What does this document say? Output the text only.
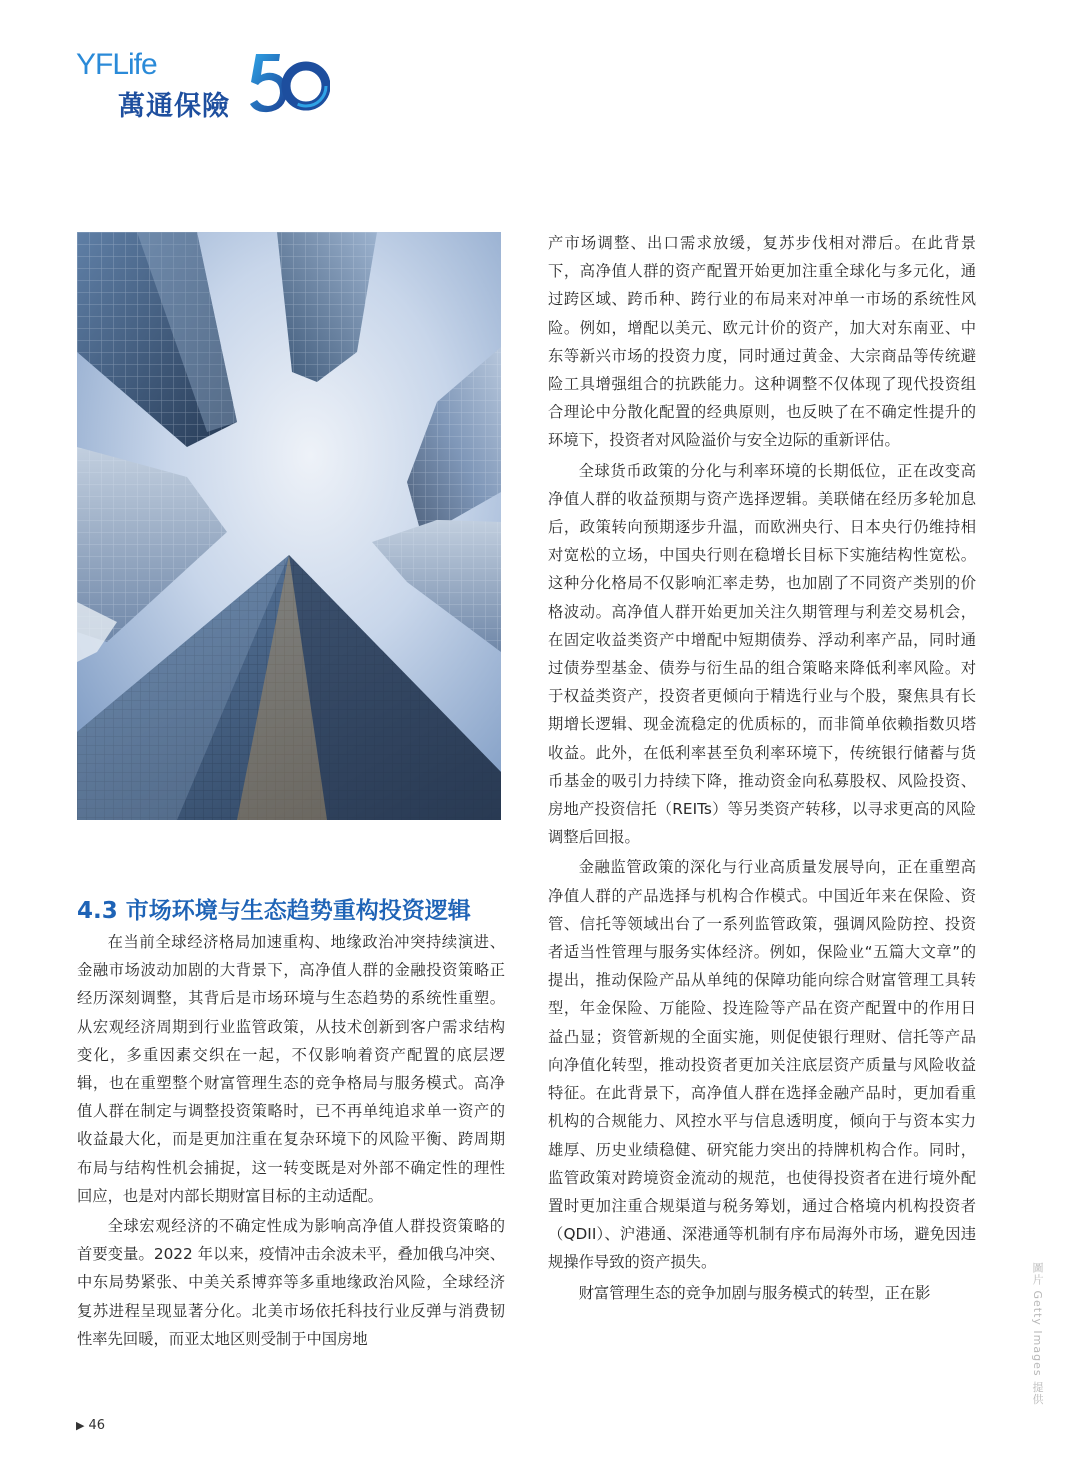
YFLife
萬通保險
4.3 市场环境与生态趋势重构投资逻辑

在当前全球经济格局加速重构、地缘政治冲突持续演进、金融市场波动加剧的大背景下，高净值人群的金融投资策略正经历深刻调整，其背后是市场环境与生态趋势的系统性重塑。从宏观经济周期到行业监管政策，从技术创新到客户需求结构变化，多重因素交织在一起，不仅影响着资产配置的底层逻辑，也在重塑整个财富管理生态的竞争格局与服务模式。高净值人群在制定与调整投资策略时，已不再单纯追求单一资产的收益最大化，而是更加注重在复杂环境下的风险平衡、跨周期布局与结构性机会捕捉，这一转变既是对外部不确定性的理性回应，也是对内部长期财富目标的主动适配。

全球宏观经济的不确定性成为影响高净值人群投资策略的首要变量。2022 年以来，疫情冲击余波未平，叠加俄乌冲突、中东局势紧张、中美关系博弈等多重地缘政治风险，全球经济复苏进程呈现显著分化。北美市场依托科技行业反弹与消费韧性率先回暖，而亚太地区则受制于中国房地

产市场调整、出口需求放缓，复苏步伐相对滞后。在此背景下，高净值人群的资产配置开始更加注重全球化与多元化，通过跨区域、跨币种、跨行业的布局来对冲单一市场的系统性风险。例如，增配以美元、欧元计价的资产，加大对东南亚、中东等新兴市场的投资力度，同时通过黄金、大宗商品等传统避险工具增强组合的抗跌能力。这种调整不仅体现了现代投资组合理论中分散化配置的经典原则，也反映了在不确定性提升的环境下，投资者对风险溢价与安全边际的重新评估。

全球货币政策的分化与利率环境的长期低位，正在改变高净值人群的收益预期与资产选择逻辑。美联储在经历多轮加息后，政策转向预期逐步升温，而欧洲央行、日本央行仍维持相对宽松的立场，中国央行则在稳增长目标下实施结构性宽松。这种分化格局不仅影响汇率走势，也加剧了不同资产类别的价格波动。高净值人群开始更加关注久期管理与利差交易机会，在固定收益类资产中增配中短期债券、浮动利率产品，同时通过债券型基金、债券与衍生品的组合策略来降低利率风险。对于权益类资产，投资者更倾向于精选行业与个股，聚焦具有长期增长逻辑、现金流稳定的优质标的，而非简单依赖指数贝塔收益。此外，在低利率甚至负利率环境下，传统银行储蓄与货币基金的吸引力持续下降，推动资金向私募股权、风险投资、房地产投资信托（REITs）等另类资产转移，以寻求更高的风险调整后回报。

金融监管政策的深化与行业高质量发展导向，正在重塑高净值人群的产品选择与机构合作模式。中国近年来在保险、资管、信托等领域出台了一系列监管政策，强调风险防控、投资者适当性管理与服务实体经济。例如，保险业“五篇大文章”的提出，推动保险产品从单纯的保障功能向综合财富管理工具转型，年金保险、万能险、投连险等产品在资产配置中的作用日益凸显；资管新规的全面实施，则促使银行理财、信托等产品向净值化转型，推动投资者更加关注底层资产质量与风险收益特征。在此背景下，高净值人群在选择金融产品时，更加看重机构的合规能力、风控水平与信息透明度，倾向于与资本实力雄厚、历史业绩稳健、研究能力突出的持牌机构合作。同时，监管政策对跨境资金流动的规范，也使得投资者在进行境外配置时更加注重合规渠道与税务筹划，通过合格境内机构投资者（QDII）、沪港通、深港通等机制有序布局海外市场，避免因违规操作导致的资产损失。

财富管理生态的竞争加剧与服务模式的转型，正在影	圖片 Getty Images 提供
▶ 46
